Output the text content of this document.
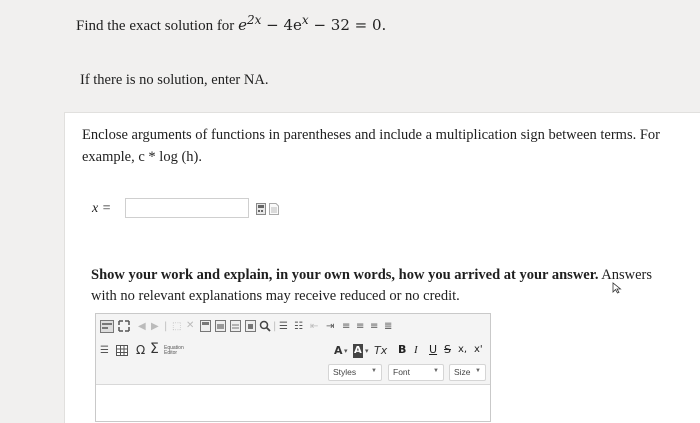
Find the exact solution for $e^{2x} - 4e^x - 32 = 0$.
If there is no solution, enter NA.
Enclose arguments of functions in parentheses and include a multiplication sign between terms. For example, c * log (h).
x =
Show your work and explain, in your own words, how you arrived at your answer. Answers with no relevant explanations may receive reduced or no credit.
◀ ▶ | ⬚ ✕	| ☰ ☷ ⇤ ⇥ ≡ ≡ ≡ ≣
☰ Ω Σ Equation Editor	A ▾ A ▾ Tx B I U S x, x'
Styles ▼	Font	▼	Size ▼
